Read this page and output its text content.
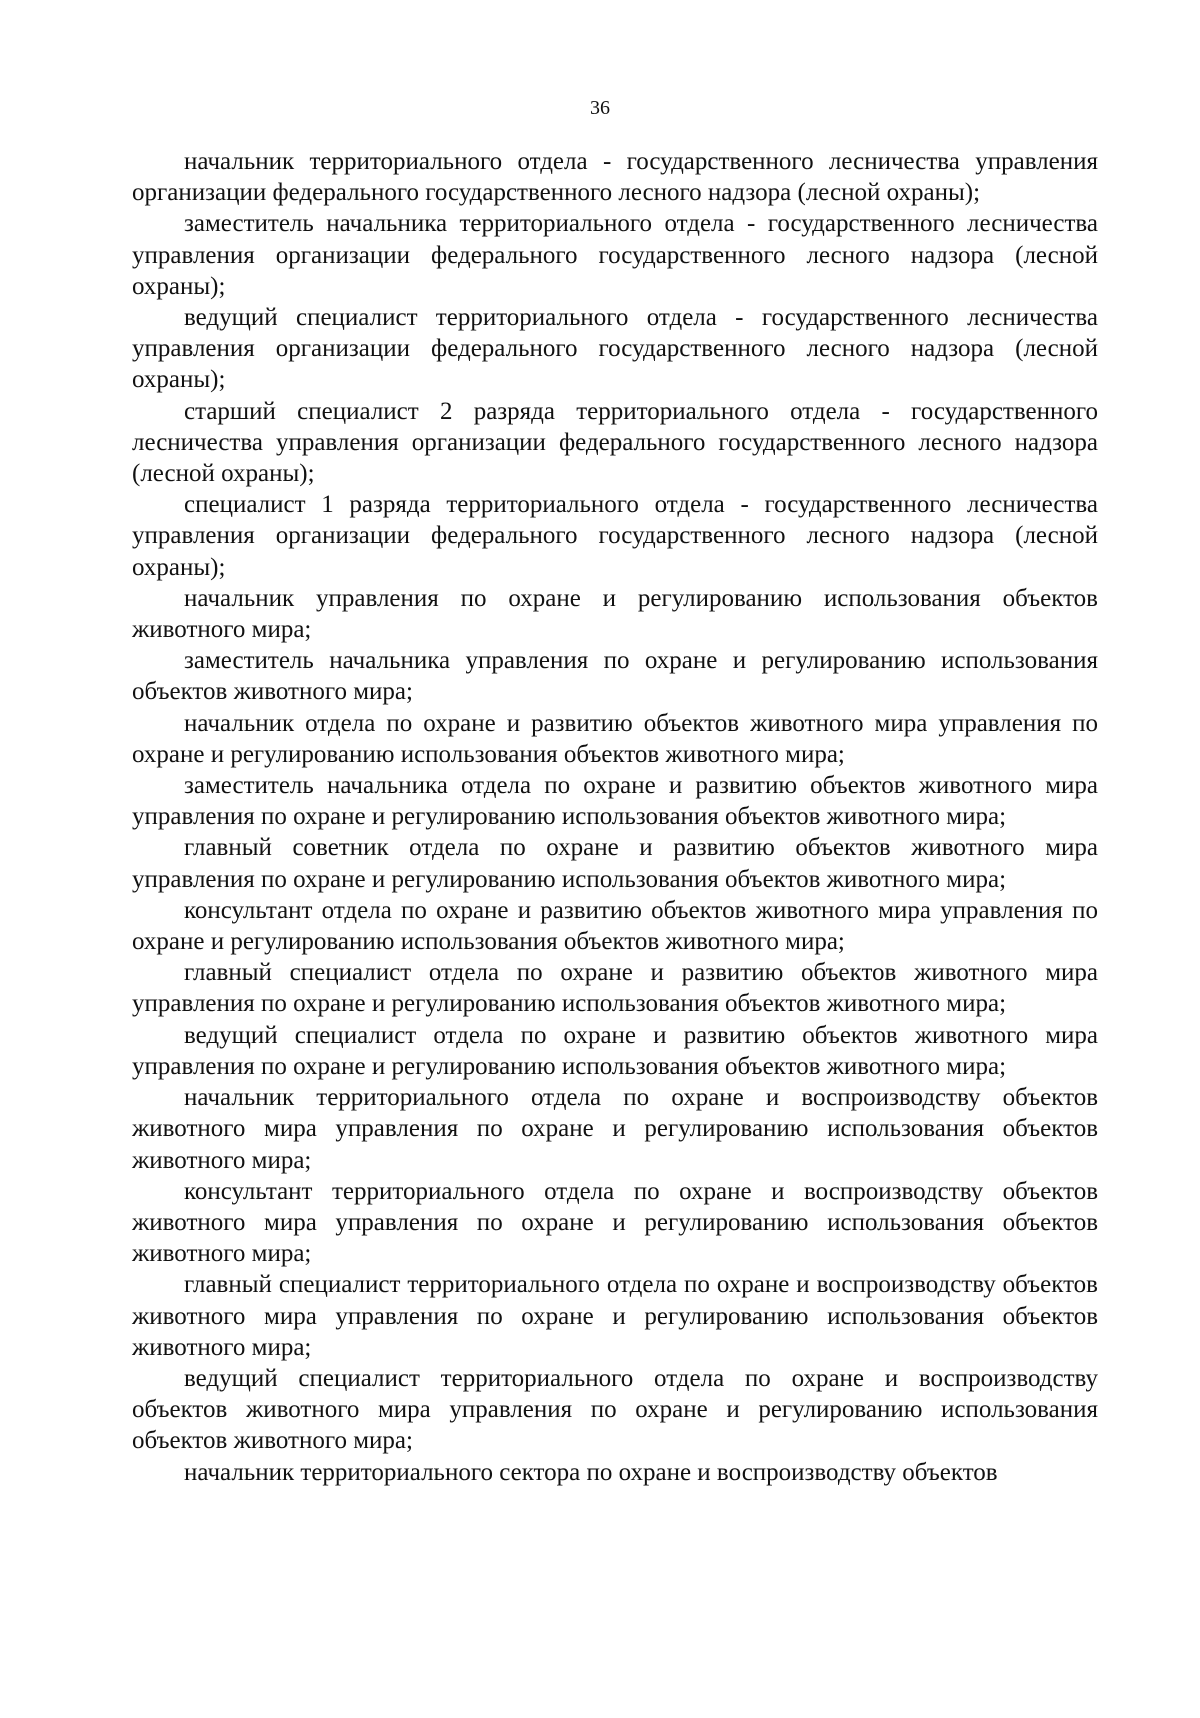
36

начальник территориального отдела - государственного лесничества управления организации федерального государственного лесного надзора (лесной охраны);

заместитель начальника территориального отдела - государственного лесничества управления организации федерального государственного лесного надзора (лесной охраны);

ведущий специалист территориального отдела - государственного лесничества управления организации федерального государственного лесного надзора (лесной охраны);

старший специалист 2 разряда территориального отдела - государственного лесничества управления организации федерального государственного лесного надзора (лесной охраны);

специалист 1 разряда территориального отдела - государственного лесничества управления организации федерального государственного лесного надзора (лесной охраны);

начальник управления по охране и регулированию использования объектов животного мира;

заместитель начальника управления по охране и регулированию использования объектов животного мира;

начальник отдела по охране и развитию объектов животного мира управления по охране и регулированию использования объектов животного мира;

заместитель начальника отдела по охране и развитию объектов животного мира управления по охране и регулированию использования объектов животного мира;

главный советник отдела по охране и развитию объектов животного мира управления по охране и регулированию использования объектов животного мира;

консультант отдела по охране и развитию объектов животного мира управления по охране и регулированию использования объектов животного мира;

главный специалист отдела по охране и развитию объектов животного мира управления по охране и регулированию использования объектов животного мира;

ведущий специалист отдела по охране и развитию объектов животного мира управления по охране и регулированию использования объектов животного мира;

начальник территориального отдела по охране и воспроизводству объектов животного мира управления по охране и регулированию использования объектов животного мира;

консультант территориального отдела по охране и воспроизводству объектов животного мира управления по охране и регулированию использования объектов животного мира;

главный специалист территориального отдела по охране и воспроизводству объектов животного мира управления по охране и регулированию использования объектов животного мира;

ведущий специалист территориального отдела по охране и воспроизводству объектов животного мира управления по охране и регулированию использования объектов животного мира;

начальник территориального сектора по охране и воспроизводству объектов
